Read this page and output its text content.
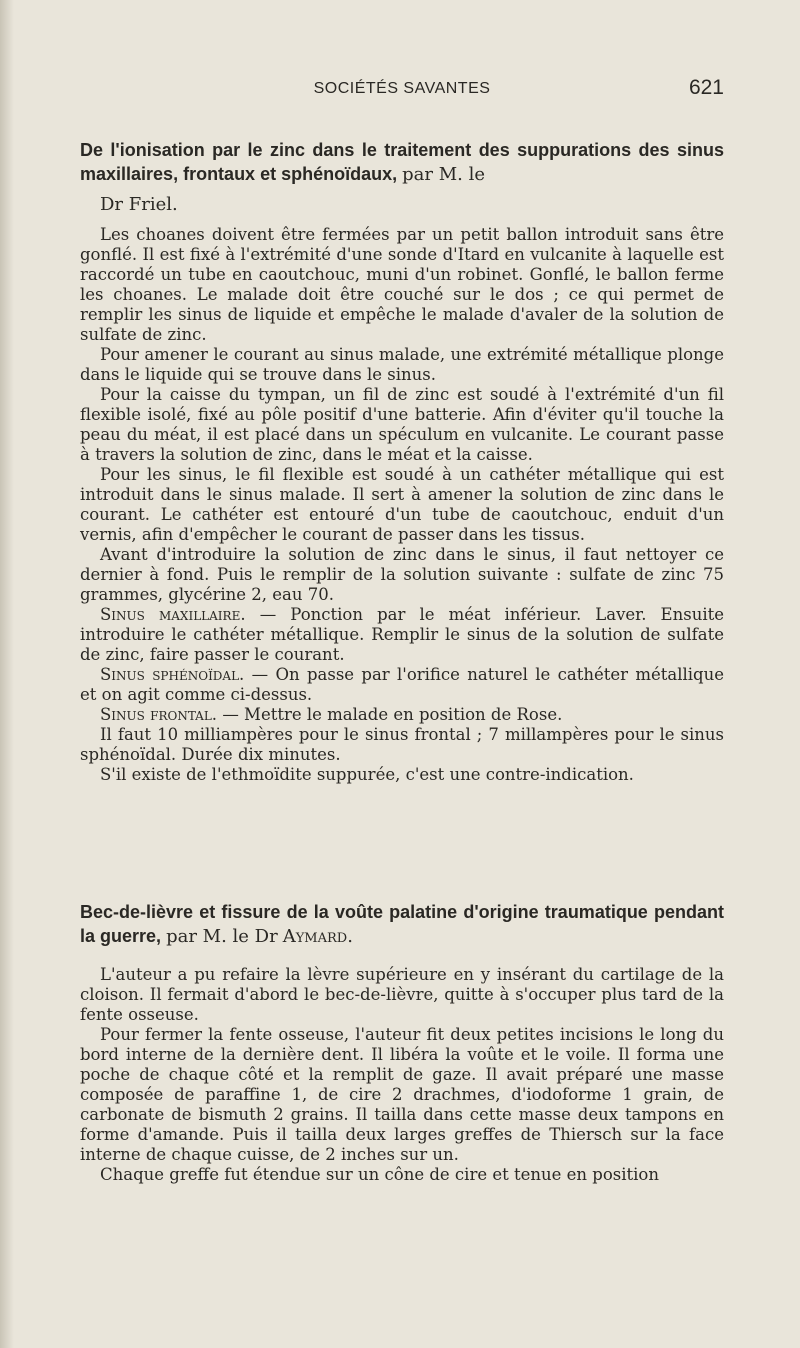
SOCIÉTÉS SAVANTES	621

De l'ionisation par le zinc dans le traitement des suppurations des sinus maxillaires, frontaux et sphénoïdaux, par M. le

Dr Friel.

Les choanes doivent être fermées par un petit ballon introduit sans être gonflé. Il est fixé à l'extrémité d'une sonde d'Itard en vulcanite à laquelle est raccordé un tube en caoutchouc, muni d'un robinet. Gonflé, le ballon ferme les choanes. Le malade doit être couché sur le dos ; ce qui permet de remplir les sinus de liquide et empêche le malade d'avaler de la solution de sulfate de zinc.

Pour amener le courant au sinus malade, une extrémité métallique plonge dans le liquide qui se trouve dans le sinus.

Pour la caisse du tympan, un fil de zinc est soudé à l'extrémité d'un fil flexible isolé, fixé au pôle positif d'une batterie. Afin d'éviter qu'il touche la peau du méat, il est placé dans un spéculum en vulcanite. Le courant passe à travers la solution de zinc, dans le méat et la caisse.

Pour les sinus, le fil flexible est soudé à un cathéter métallique qui est introduit dans le sinus malade. Il sert à amener la solution de zinc dans le courant. Le cathéter est entouré d'un tube de caoutchouc, enduit d'un vernis, afin d'empêcher le courant de passer dans les tissus.

Avant d'introduire la solution de zinc dans le sinus, il faut nettoyer ce dernier à fond. Puis le remplir de la solution suivante : sulfate de zinc 75 grammes, glycérine 2, eau 70.

Sinus maxillaire. — Ponction par le méat inférieur. Laver. Ensuite introduire le cathéter métallique. Remplir le sinus de la solution de sulfate de zinc, faire passer le courant.

Sinus sphénoïdal. — On passe par l'orifice naturel le cathéter métallique et on agit comme ci-dessus.

Sinus frontal. — Mettre le malade en position de Rose.

Il faut 10 milliampères pour le sinus frontal ; 7 millampères pour le sinus sphénoïdal. Durée dix minutes.

S'il existe de l'ethmoïdite suppurée, c'est une contre-indication.

Bec-de-lièvre et fissure de la voûte palatine d'origine traumatique pendant la guerre, par M. le Dr Aymard.

L'auteur a pu refaire la lèvre supérieure en y insérant du cartilage de la cloison. Il fermait d'abord le bec-de-lièvre, quitte à s'occuper plus tard de la fente osseuse.

Pour fermer la fente osseuse, l'auteur fit deux petites incisions le long du bord interne de la dernière dent. Il libéra la voûte et le voile. Il forma une poche de chaque côté et la remplit de gaze. Il avait préparé une masse composée de paraffine 1, de cire 2 drachmes, d'iodoforme 1 grain, de carbonate de bismuth 2 grains. Il tailla dans cette masse deux tampons en forme d'amande. Puis il tailla deux larges greffes de Thiersch sur la face interne de chaque cuisse, de 2 inches sur un.

Chaque greffe fut étendue sur un cône de cire et tenue en position
